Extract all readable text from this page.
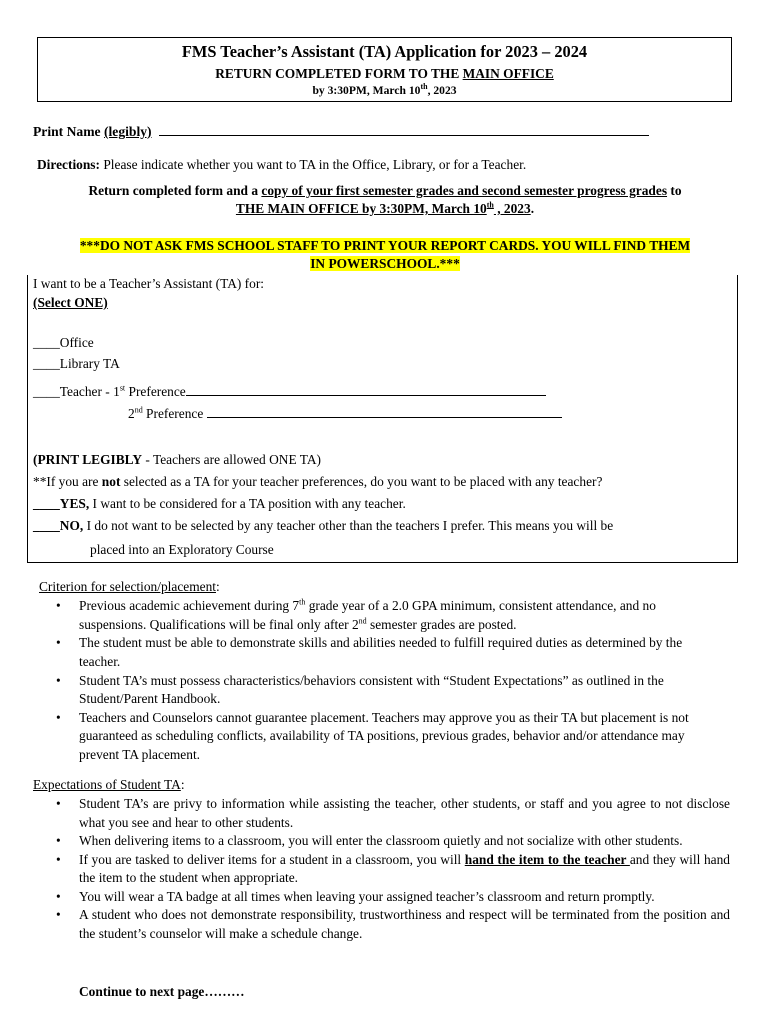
FMS Teacher’s Assistant (TA) Application for 2023 – 2024
RETURN COMPLETED FORM TO THE MAIN OFFICE
by 3:30PM, March 10th, 2023
Print Name (legibly)
Directions: Please indicate whether you want to TA in the Office, Library, or for a Teacher.
Return completed form and a copy of your first semester grades and second semester progress grades to
THE MAIN OFFICE by 3:30PM, March 10th , 2023.
***DO NOT ASK FMS SCHOOL STAFF TO PRINT YOUR REPORT CARDS. YOU WILL FIND THEM
IN POWERSCHOOL.***
I want to be a Teacher’s Assistant (TA) for:
(Select ONE)
____Office
____Library TA
____Teacher - 1st Preference
2nd Preference
(PRINT LEGIBLY - Teachers are allowed ONE TA)
**If you are not selected as a TA for your teacher preferences, do you want to be placed with any teacher?
____YES, I want to be considered for a TA position with any teacher.
____NO, I do not want to be selected by any teacher other than the teachers I prefer. This means you will be
placed into an Exploratory Course
Criterion for selection/placement:
• Previous academic achievement during 7th grade year of a 2.0 GPA minimum, consistent attendance, and no suspensions. Qualifications will be final only after 2nd semester grades are posted.
• The student must be able to demonstrate skills and abilities needed to fulfill required duties as determined by the teacher.
• Student TA’s must possess characteristics/behaviors consistent with “Student Expectations” as outlined in the Student/Parent Handbook.
• Teachers and Counselors cannot guarantee placement. Teachers may approve you as their TA but placement is not guaranteed as scheduling conflicts, availability of TA positions, previous grades, behavior and/or attendance may prevent TA placement.
Expectations of Student TA:
• Student TA’s are privy to information while assisting the teacher, other students, or staff and you agree to not disclose what you see and hear to other students.
• When delivering items to a classroom, you will enter the classroom quietly and not socialize with other students.
• If you are tasked to deliver items for a student in a classroom, you will hand the item to the teacher and they will hand the item to the student when appropriate.
• You will wear a TA badge at all times when leaving your assigned teacher’s classroom and return promptly.
• A student who does not demonstrate responsibility, trustworthiness and respect will be terminated from the position and the student’s counselor will make a schedule change.
Continue to next page………
